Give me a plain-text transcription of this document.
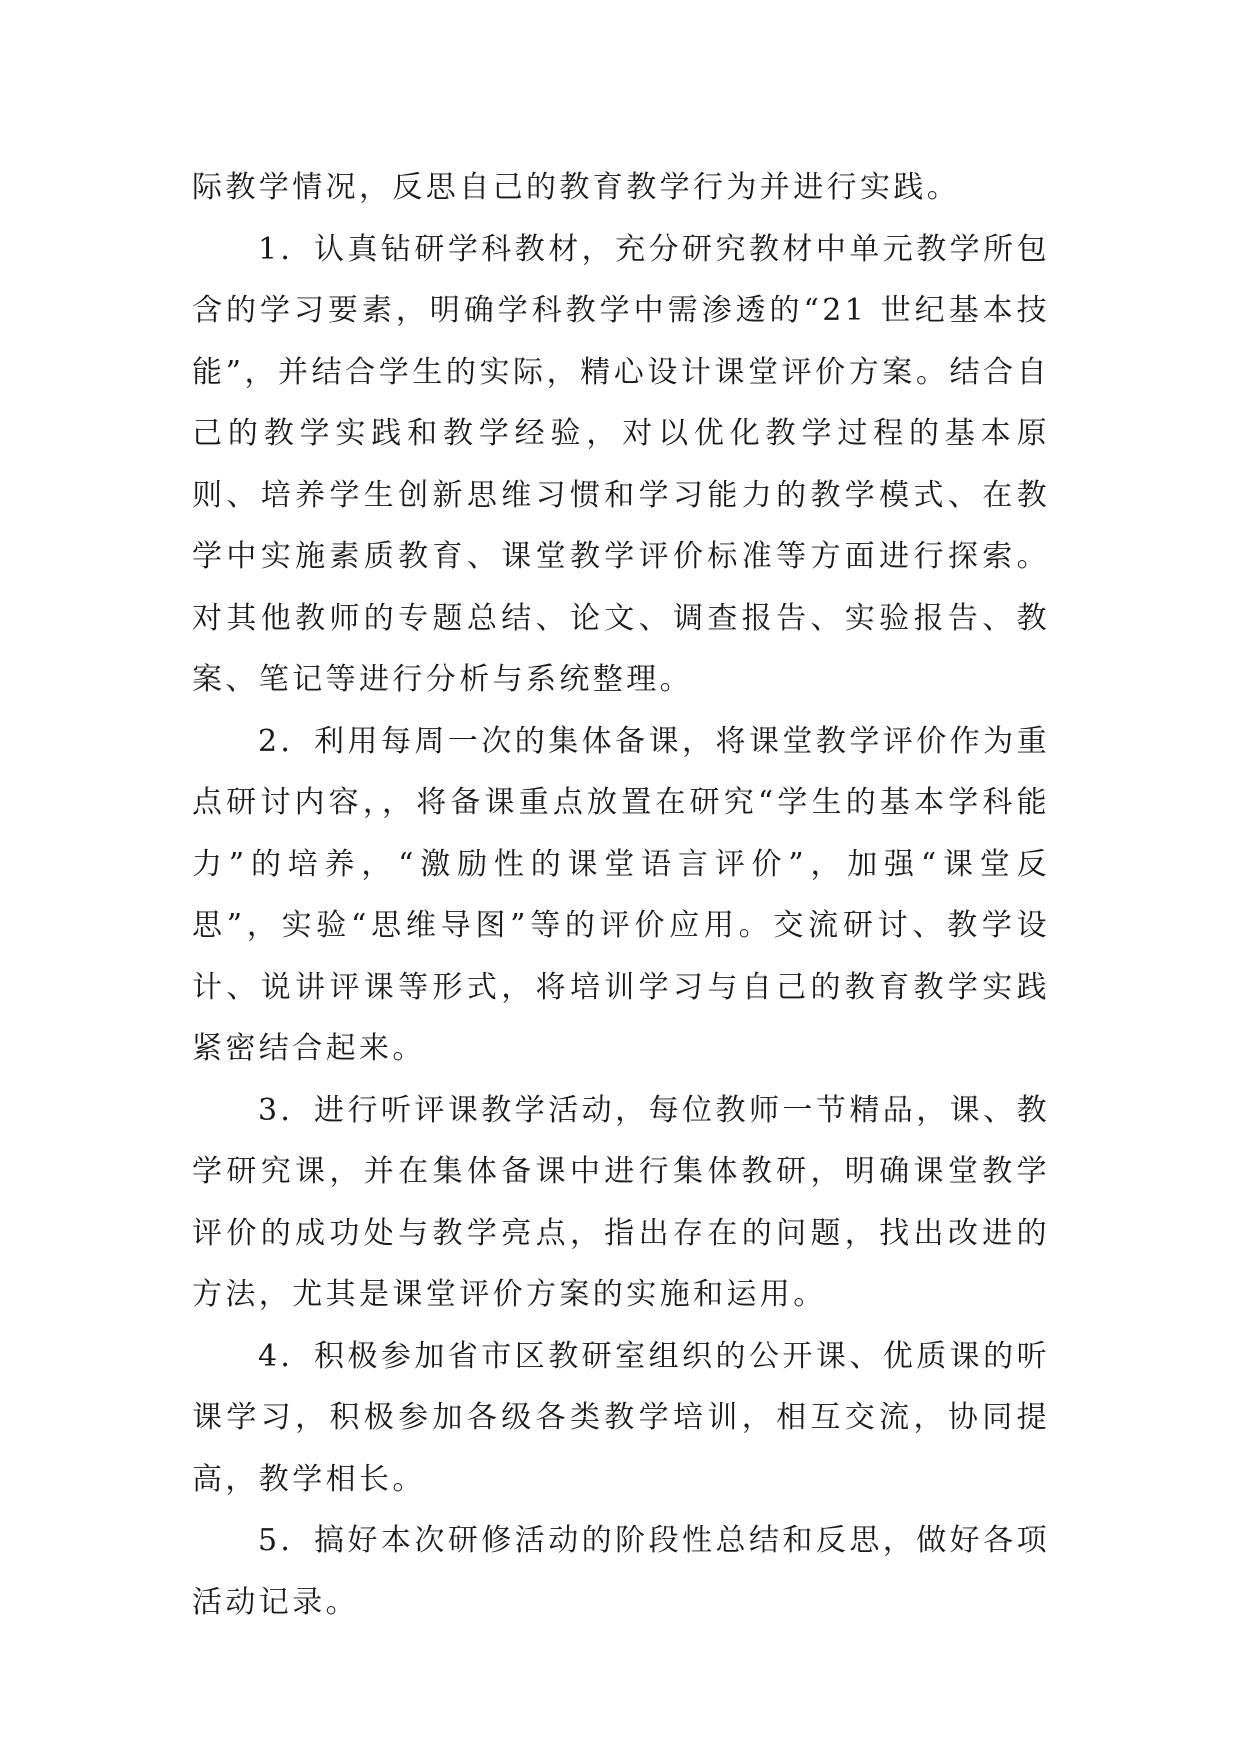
际教学情况，反思自己的教育教学行为并进行实践。

1．认真钻研学科教材，充分研究教材中单元教学所包含的学习要素，明确学科教学中需渗透的“21 世纪基本技能”，并结合学生的实际，精心设计课堂评价方案。结合自己的教学实践和教学经验，对以优化教学过程的基本原则、培养学生创新思维习惯和学习能力的教学模式、在教学中实施素质教育、课堂教学评价标准等方面进行探索。对其他教师的专题总结、论文、调查报告、实验报告、教案、笔记等进行分析与系统整理。

2．利用每周一次的集体备课，将课堂教学评价作为重点研讨内容，，将备课重点放置在研究“学生的基本学科能力”的培养，“激励性的课堂语言评价”，加强“课堂反思”，实验“思维导图”等的评价应用。交流研讨、教学设计、说讲评课等形式，将培训学习与自己的教育教学实践紧密结合起来。

3．进行听评课教学活动，每位教师一节精品，课、教学研究课，并在集体备课中进行集体教研，明确课堂教学评价的成功处与教学亮点，指出存在的问题，找出改进的方法，尤其是课堂评价方案的实施和运用。

4．积极参加省市区教研室组织的公开课、优质课的听课学习，积极参加各级各类教学培训，相互交流，协同提高，教学相长。

5．搞好本次研修活动的阶段性总结和反思，做好各项活动记录。
